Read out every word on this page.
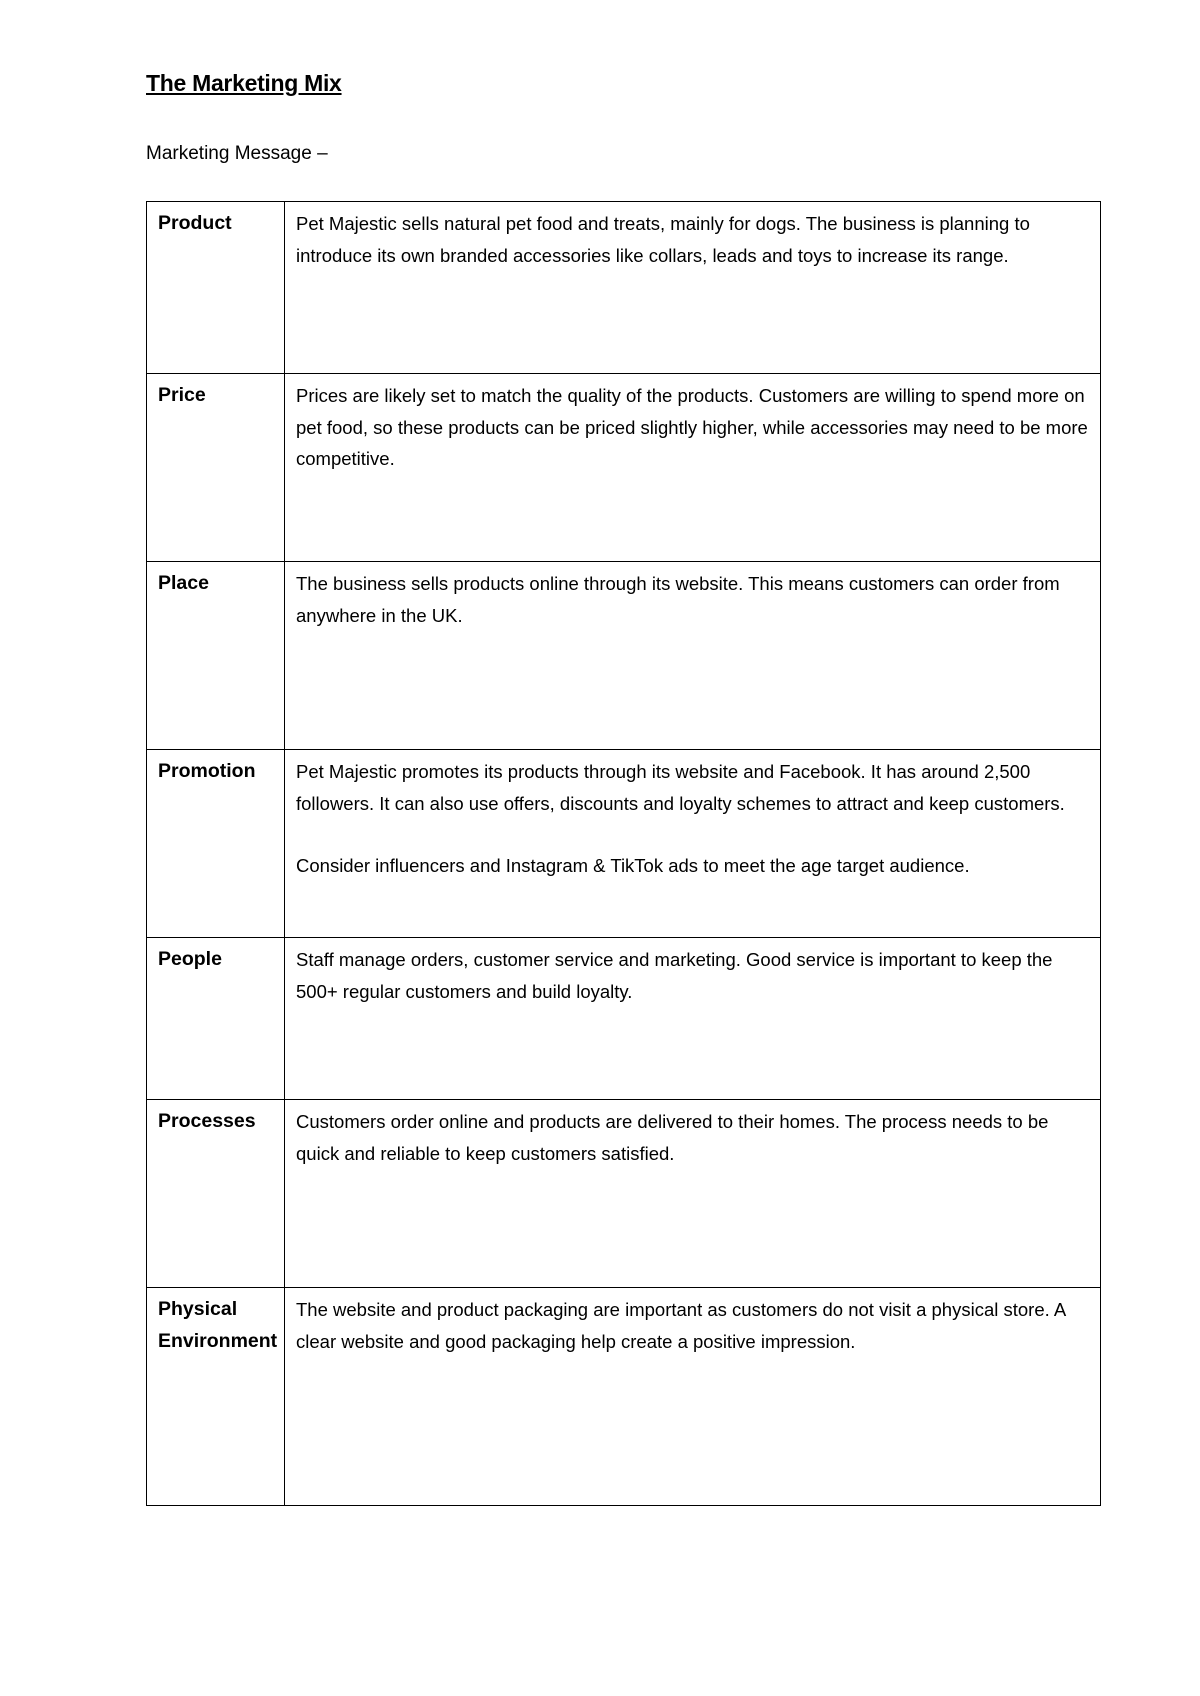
The Marketing Mix

Marketing Message –

Product	Pet Majestic sells natural pet food and treats, mainly for dogs. The business is planning to introduce its own branded accessories like collars, leads and toys to increase its range.

Price	Prices are likely set to match the quality of the products. Customers are willing to spend more on pet food, so these products can be priced slightly higher, while accessories may need to be more competitive.

Place	The business sells products online through its website. This means customers can order from anywhere in the UK.

Promotion	Pet Majestic promotes its products through its website and Facebook. It has around 2,500 followers. It can also use offers, discounts and loyalty schemes to attract and keep customers.

Consider influencers and Instagram & TikTok ads to meet the age target audience.

People	Staff manage orders, customer service and marketing. Good service is important to keep the 500+ regular customers and build loyalty.

Processes	Customers order online and products are delivered to their homes. The process needs to be quick and reliable to keep customers satisfied.

Physical Environment	The website and product packaging are important as customers do not visit a physical store. A clear website and good packaging help create a positive impression.
